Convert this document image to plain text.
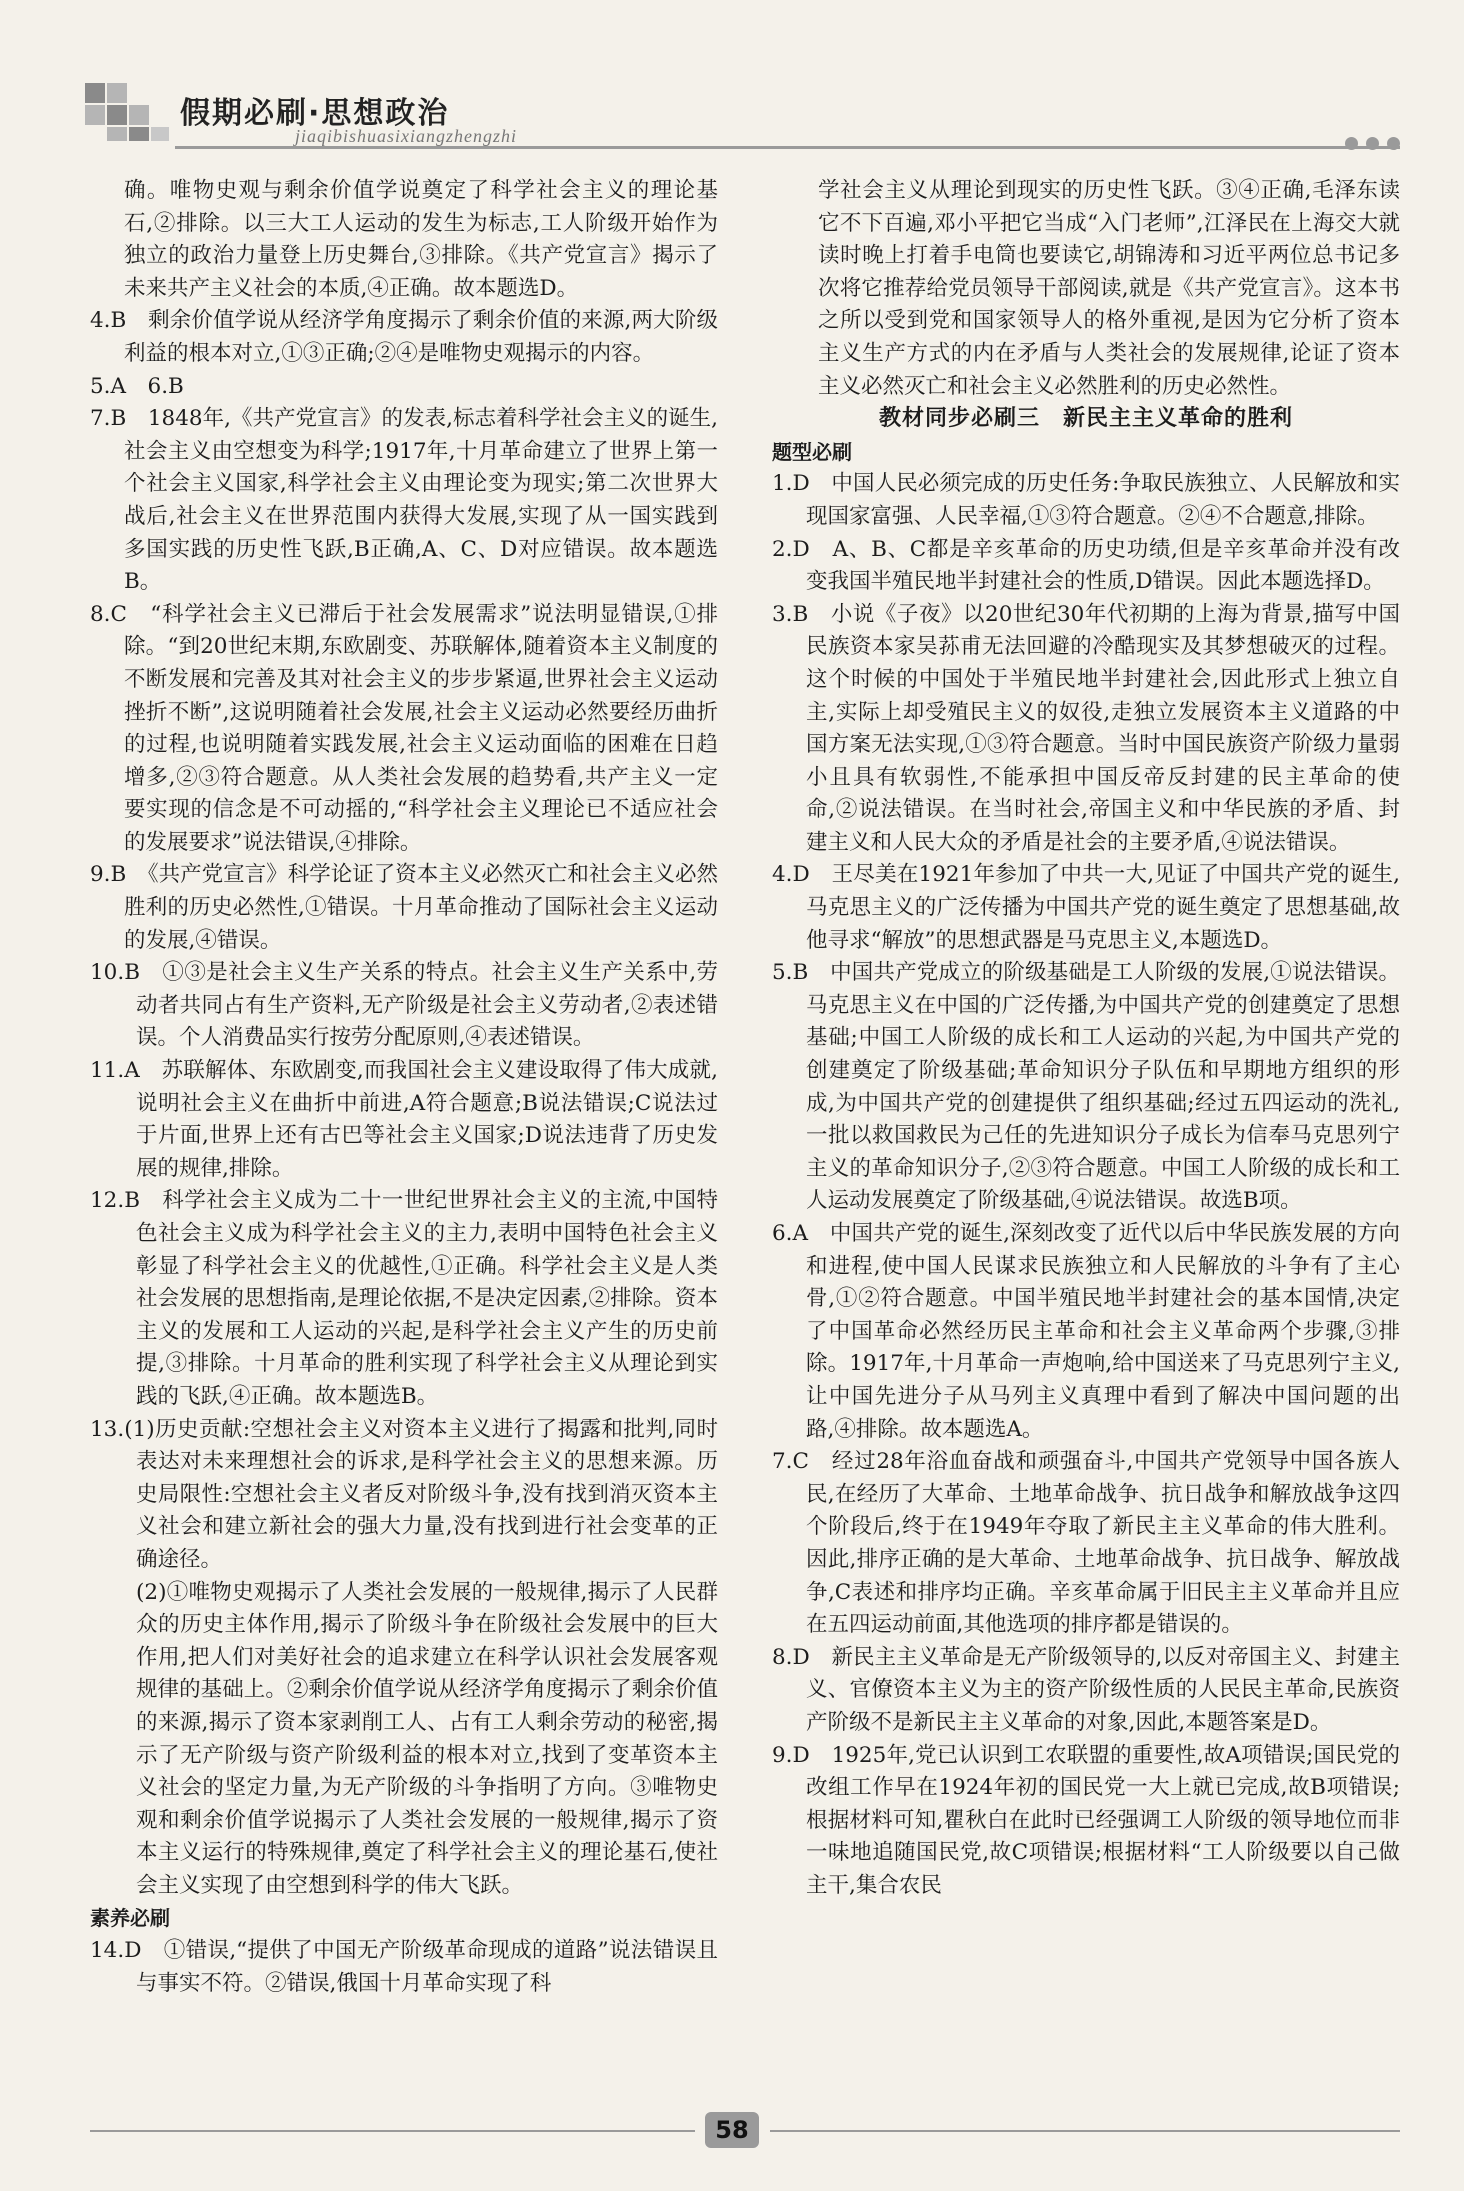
假期必刷·思想政治
jiaqibishuasixiangzhengzhi

确。唯物史观与剩余价值学说奠定了科学社会主义的理论基石,②排除。以三大工人运动的发生为标志,工人阶级开始作为独立的政治力量登上历史舞台,③排除。《共产党宣言》揭示了未来共产主义社会的本质,④正确。故本题选D。

4.B　剩余价值学说从经济学角度揭示了剩余价值的来源,两大阶级利益的根本对立,①③正确;②④是唯物史观揭示的内容。

5.A　6.B

7.B　1848年,《共产党宣言》的发表,标志着科学社会主义的诞生,社会主义由空想变为科学;1917年,十月革命建立了世界上第一个社会主义国家,科学社会主义由理论变为现实;第二次世界大战后,社会主义在世界范围内获得大发展,实现了从一国实践到多国实践的历史性飞跃,B正确,A、C、D对应错误。故本题选B。

8.C　“科学社会主义已滞后于社会发展需求”说法明显错误,①排除。“到20世纪末期,东欧剧变、苏联解体,随着资本主义制度的不断发展和完善及其对社会主义的步步紧逼,世界社会主义运动挫折不断”,这说明随着社会发展,社会主义运动必然要经历曲折的过程,也说明随着实践发展,社会主义运动面临的困难在日趋增多,②③符合题意。从人类社会发展的趋势看,共产主义一定要实现的信念是不可动摇的,“科学社会主义理论已不适应社会的发展要求”说法错误,④排除。

9.B　《共产党宣言》科学论证了资本主义必然灭亡和社会主义必然胜利的历史必然性,①错误。十月革命推动了国际社会主义运动的发展,④错误。

10.B　①③是社会主义生产关系的特点。社会主义生产关系中,劳动者共同占有生产资料,无产阶级是社会主义劳动者,②表述错误。个人消费品实行按劳分配原则,④表述错误。

11.A　苏联解体、东欧剧变,而我国社会主义建设取得了伟大成就,说明社会主义在曲折中前进,A符合题意;B说法错误;C说法过于片面,世界上还有古巴等社会主义国家;D说法违背了历史发展的规律,排除。

12.B　科学社会主义成为二十一世纪世界社会主义的主流,中国特色社会主义成为科学社会主义的主力,表明中国特色社会主义彰显了科学社会主义的优越性,①正确。科学社会主义是人类社会发展的思想指南,是理论依据,不是决定因素,②排除。资本主义的发展和工人运动的兴起,是科学社会主义产生的历史前提,③排除。十月革命的胜利实现了科学社会主义从理论到实践的飞跃,④正确。故本题选B。

13.(1)历史贡献:空想社会主义对资本主义进行了揭露和批判,同时表达对未来理想社会的诉求,是科学社会主义的思想来源。历史局限性:空想社会主义者反对阶级斗争,没有找到消灭资本主义社会和建立新社会的强大力量,没有找到进行社会变革的正确途径。

(2)①唯物史观揭示了人类社会发展的一般规律,揭示了人民群众的历史主体作用,揭示了阶级斗争在阶级社会发展中的巨大作用,把人们对美好社会的追求建立在科学认识社会发展客观规律的基础上。②剩余价值学说从经济学角度揭示了剩余价值的来源,揭示了资本家剥削工人、占有工人剩余劳动的秘密,揭示了无产阶级与资产阶级利益的根本对立,找到了变革资本主义社会的坚定力量,为无产阶级的斗争指明了方向。③唯物史观和剩余价值学说揭示了人类社会发展的一般规律,揭示了资本主义运行的特殊规律,奠定了科学社会主义的理论基石,使社会主义实现了由空想到科学的伟大飞跃。

素养必刷

14.D　①错误,“提供了中国无产阶级革命现成的道路”说法错误且与事实不符。②错误,俄国十月革命实现了科

学社会主义从理论到现实的历史性飞跃。③④正确,毛泽东读它不下百遍,邓小平把它当成“入门老师”,江泽民在上海交大就读时晚上打着手电筒也要读它,胡锦涛和习近平两位总书记多次将它推荐给党员领导干部阅读,就是《共产党宣言》。这本书之所以受到党和国家领导人的格外重视,是因为它分析了资本主义生产方式的内在矛盾与人类社会的发展规律,论证了资本主义必然灭亡和社会主义必然胜利的历史必然性。

教材同步必刷三　新民主主义革命的胜利

题型必刷

1.D　中国人民必须完成的历史任务:争取民族独立、人民解放和实现国家富强、人民幸福,①③符合题意。②④不合题意,排除。

2.D　A、B、C都是辛亥革命的历史功绩,但是辛亥革命并没有改变我国半殖民地半封建社会的性质,D错误。因此本题选择D。

3.B　小说《子夜》以20世纪30年代初期的上海为背景,描写中国民族资本家吴荪甫无法回避的冷酷现实及其梦想破灭的过程。这个时候的中国处于半殖民地半封建社会,因此形式上独立自主,实际上却受殖民主义的奴役,走独立发展资本主义道路的中国方案无法实现,①③符合题意。当时中国民族资产阶级力量弱小且具有软弱性,不能承担中国反帝反封建的民主革命的使命,②说法错误。在当时社会,帝国主义和中华民族的矛盾、封建主义和人民大众的矛盾是社会的主要矛盾,④说法错误。

4.D　王尽美在1921年参加了中共一大,见证了中国共产党的诞生,马克思主义的广泛传播为中国共产党的诞生奠定了思想基础,故他寻求“解放”的思想武器是马克思主义,本题选D。

5.B　中国共产党成立的阶级基础是工人阶级的发展,①说法错误。马克思主义在中国的广泛传播,为中国共产党的创建奠定了思想基础;中国工人阶级的成长和工人运动的兴起,为中国共产党的创建奠定了阶级基础;革命知识分子队伍和早期地方组织的形成,为中国共产党的创建提供了组织基础;经过五四运动的洗礼,一批以救国救民为己任的先进知识分子成长为信奉马克思列宁主义的革命知识分子,②③符合题意。中国工人阶级的成长和工人运动发展奠定了阶级基础,④说法错误。故选B项。

6.A　中国共产党的诞生,深刻改变了近代以后中华民族发展的方向和进程,使中国人民谋求民族独立和人民解放的斗争有了主心骨,①②符合题意。中国半殖民地半封建社会的基本国情,决定了中国革命必然经历民主革命和社会主义革命两个步骤,③排除。1917年,十月革命一声炮响,给中国送来了马克思列宁主义,让中国先进分子从马列主义真理中看到了解决中国问题的出路,④排除。故本题选A。

7.C　经过28年浴血奋战和顽强奋斗,中国共产党领导中国各族人民,在经历了大革命、土地革命战争、抗日战争和解放战争这四个阶段后,终于在1949年夺取了新民主主义革命的伟大胜利。因此,排序正确的是大革命、土地革命战争、抗日战争、解放战争,C表述和排序均正确。辛亥革命属于旧民主主义革命并且应在五四运动前面,其他选项的排序都是错误的。

8.D　新民主主义革命是无产阶级领导的,以反对帝国主义、封建主义、官僚资本主义为主的资产阶级性质的人民民主革命,民族资产阶级不是新民主主义革命的对象,因此,本题答案是D。

9.D　1925年,党已认识到工农联盟的重要性,故A项错误;国民党的改组工作早在1924年初的国民党一大上就已完成,故B项错误;根据材料可知,瞿秋白在此时已经强调工人阶级的领导地位而非一味地追随国民党,故C项错误;根据材料“工人阶级要以自己做主干,集合农民

58
